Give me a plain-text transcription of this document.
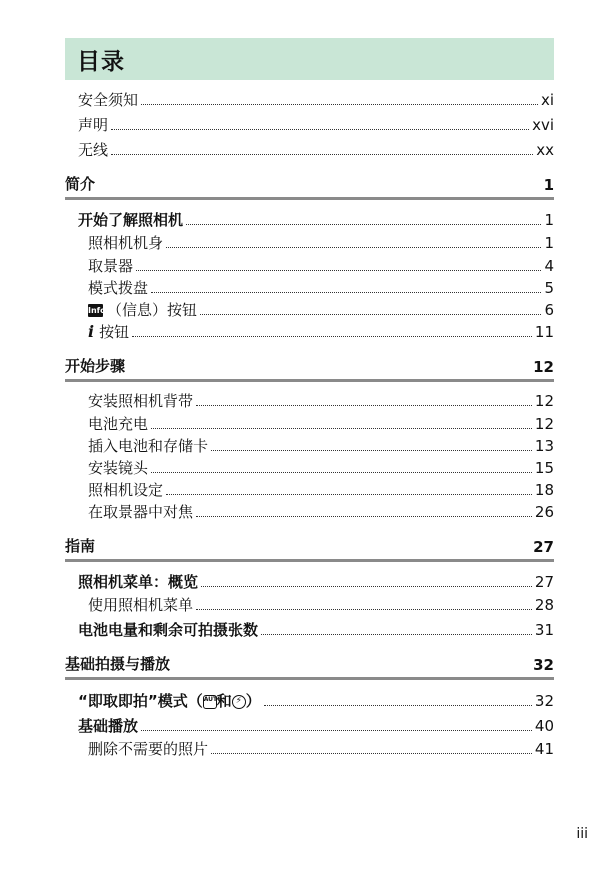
目录
安全须知	xi
声明	xvi
无线	xx
简介	1
开始了解照相机	1
照相机机身	1
取景器	4
模式拨盘	5
Info（信息）按钮	6
i 按钮	11
开始步骤	12
安装照相机背带	12
电池充电	12
插入电池和存储卡	13
安装镜头	15
照相机设定	18
在取景器中对焦	26
指南	27
照相机菜单：概览	27
使用照相机菜单	28
电池电量和剩余可拍摄张数	31
基础拍摄与播放	32
“即取即拍”模式（AUTO和 ⚡ ）	32
基础播放	40
删除不需要的照片	41
iii
